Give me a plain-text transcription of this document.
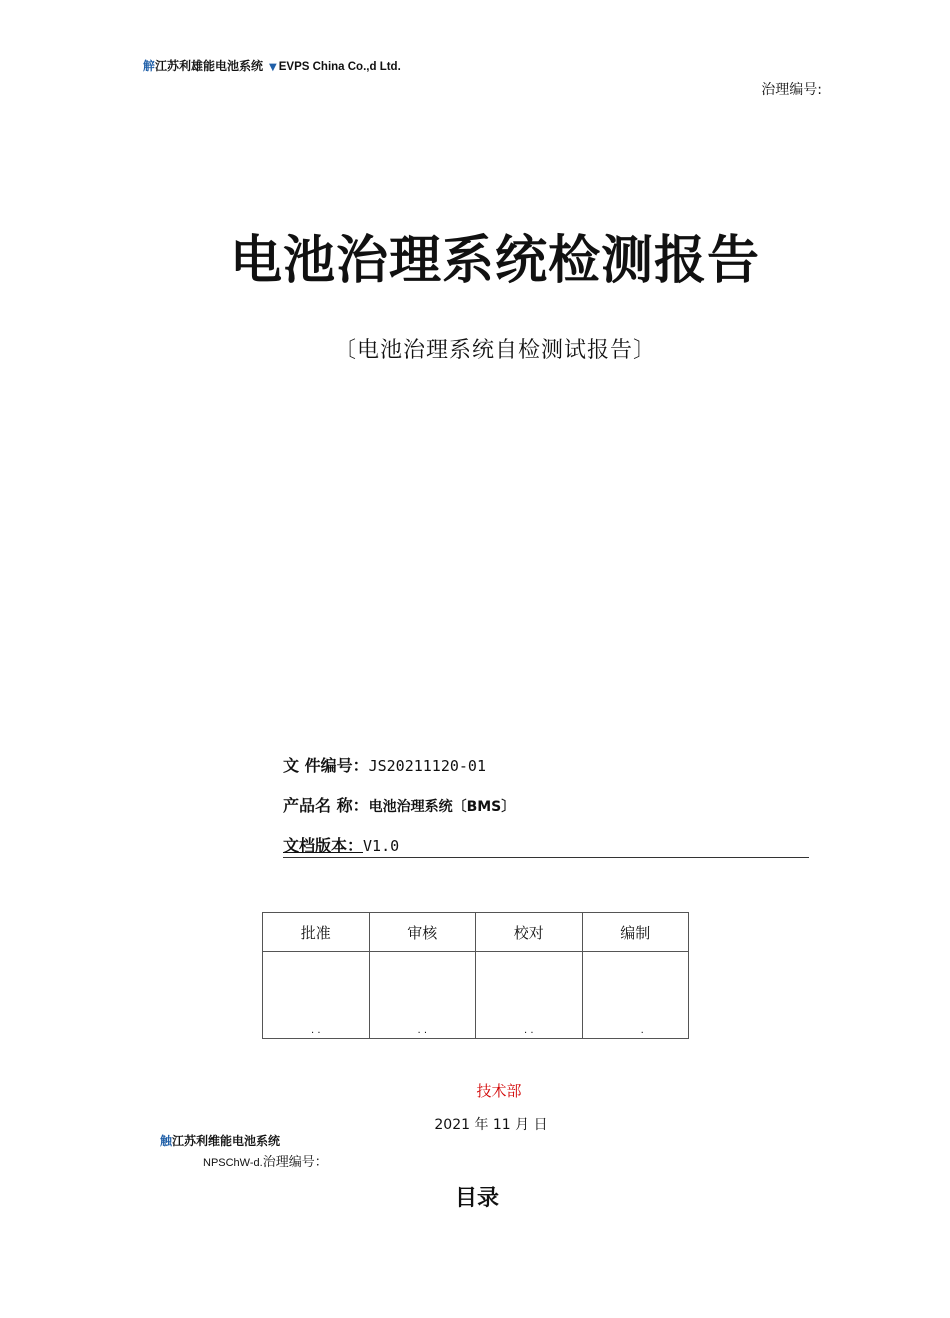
觪江苏利雄能电池系统 ▼ EVPS China Co.,d Ltd.
治理编号:
电池治理系统检测报告
〔电池治理系统自检测试报告〕
文 件编号：JS20211120-01
产品名 称：电池治理系统〔BMS〕
文档版本：V1.0
批准	审核	校对	编制
. .	. .	. .	.
技术部
2021 年 11 月 日
触江苏利维能电池系统
NPSChW-d.治理编号：
目录
